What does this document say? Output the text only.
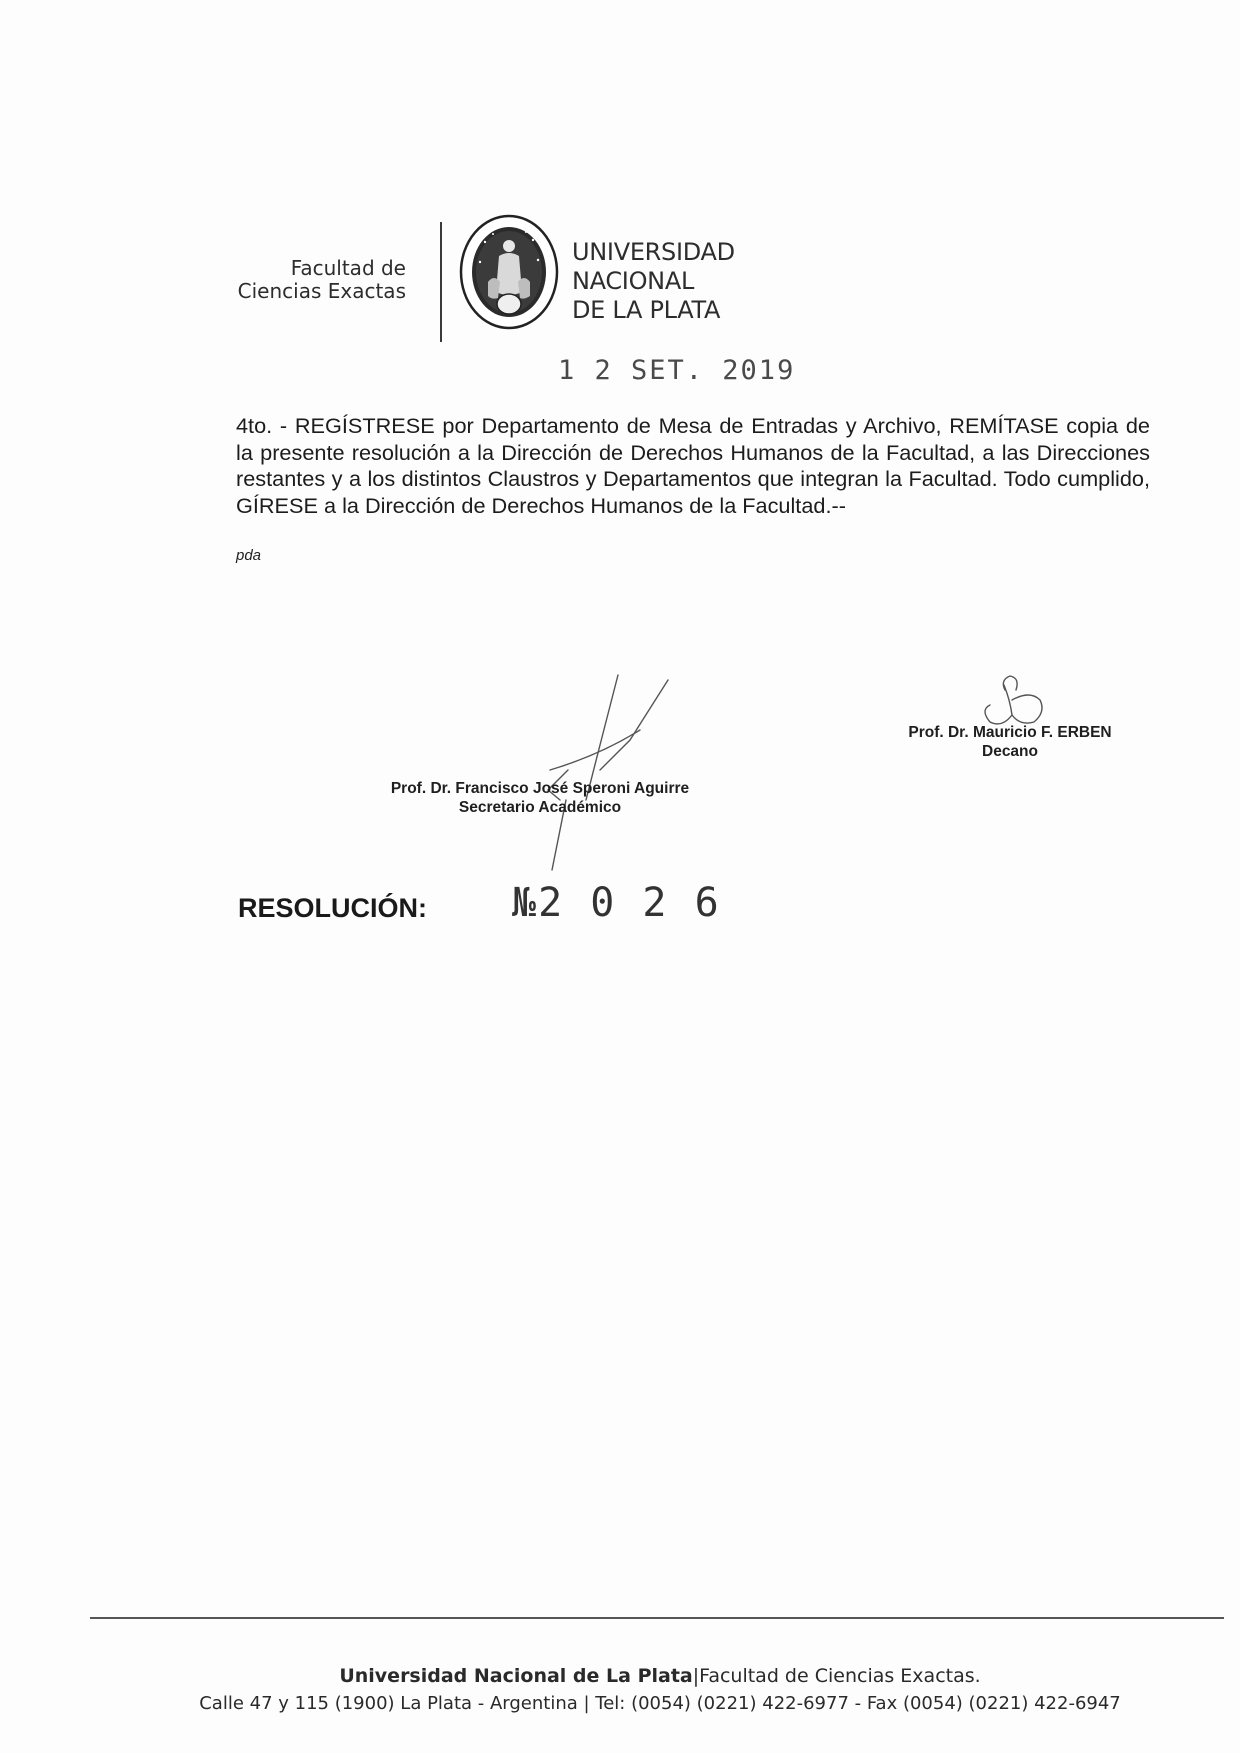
Facultad de
Ciencias Exactas
UNIVERSIDAD
NACIONAL
DE LA PLATA
1 2 SET. 2019
4to. - REGÍSTRESE por Departamento de Mesa de Entradas y Archivo, REMÍTASE copia de la presente resolución a la Dirección de Derechos Humanos de la Facultad, a las Direcciones restantes y a los distintos Claustros y Departamentos que integran la Facultad. Todo cumplido, GÍRESE a la Dirección de Derechos Humanos de la Facultad.--
pda
Prof. Dr. Francisco José Speroni Aguirre
Secretario Académico
Prof. Dr. Mauricio F. ERBEN
Decano
RESOLUCIÓN: №2 0 2 6
Universidad Nacional de La Plata|Facultad de Ciencias Exactas.
Calle 47 y 115 (1900) La Plata - Argentina | Tel: (0054) (0221) 422-6977 - Fax (0054) (0221) 422-6947
